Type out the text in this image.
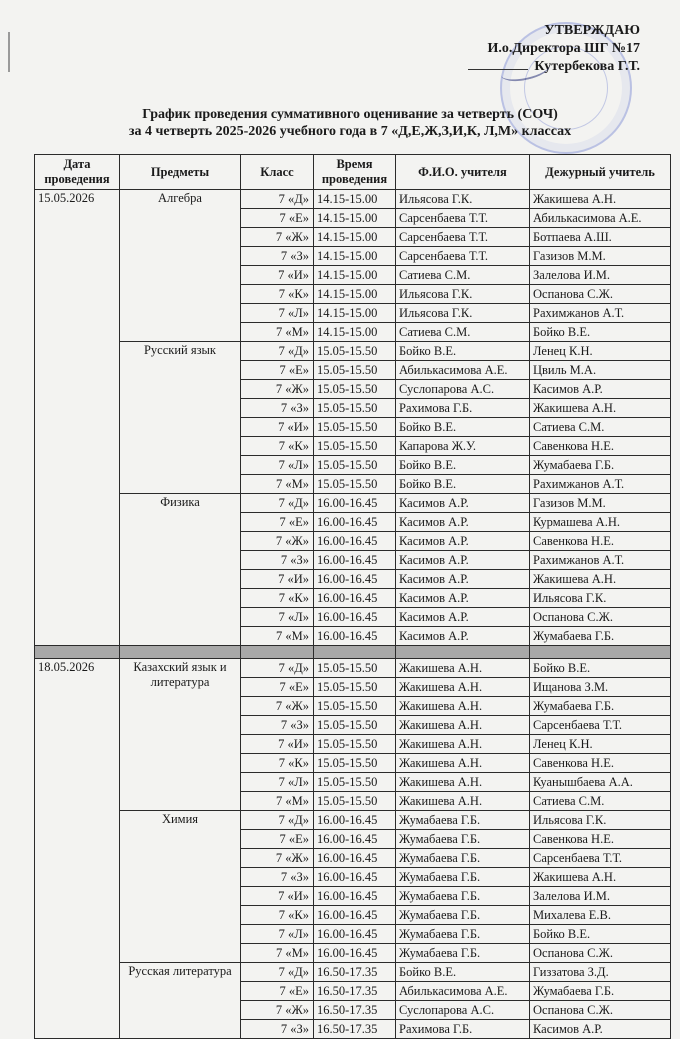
УТВЕРЖДАЮ
И.о.Директора ШГ №17
Кутербекова Г.Т.
График проведения суммативного оценивание за четверть (СОЧ)
за 4 четверть 2025-2026 учебного года в 7 «Д,Е,Ж,З,И,К, Л,М» классах
Дата проведения	Предметы	Класс	Время проведения	Ф.И.О. учителя	Дежурный учитель
15.05.2026	Алгебра	7 «Д»	14.15-15.00	Ильясова Г.К.	Жакишева А.Н.
		7 «Е»	14.15-15.00	Сарсенбаева Т.Т.	Абилькасимова А.Е.
		7 «Ж»	14.15-15.00	Сарсенбаева Т.Т.	Ботпаева А.Ш.
		7 «З»	14.15-15.00	Сарсенбаева Т.Т.	Газизов М.М.
		7 «И»	14.15-15.00	Сатиева С.М.	Залелова И.М.
		7 «К»	14.15-15.00	Ильясова Г.К.	Оспанова С.Ж.
		7 «Л»	14.15-15.00	Ильясова Г.К.	Рахимжанов А.Т.
		7 «М»	14.15-15.00	Сатиева С.М.	Бойко В.Е.
	Русский язык	7 «Д»	15.05-15.50	Бойко В.Е.	Ленец К.Н.
		7 «Е»	15.05-15.50	Абилькасимова А.Е.	Цвиль М.А.
		7 «Ж»	15.05-15.50	Суслопарова А.С.	Касимов А.Р.
		7 «З»	15.05-15.50	Рахимова Г.Б.	Жакишева А.Н.
		7 «И»	15.05-15.50	Бойко В.Е.	Сатиева С.М.
		7 «К»	15.05-15.50	Капарова Ж.У.	Савенкова Н.Е.
		7 «Л»	15.05-15.50	Бойко В.Е.	Жумабаева Г.Б.
		7 «М»	15.05-15.50	Бойко В.Е.	Рахимжанов А.Т.
	Физика	7 «Д»	16.00-16.45	Касимов А.Р.	Газизов М.М.
		7 «Е»	16.00-16.45	Касимов А.Р.	Курмашева А.Н.
		7 «Ж»	16.00-16.45	Касимов А.Р.	Савенкова Н.Е.
		7 «З»	16.00-16.45	Касимов А.Р.	Рахимжанов А.Т.
		7 «И»	16.00-16.45	Касимов А.Р.	Жакишева А.Н.
		7 «К»	16.00-16.45	Касимов А.Р.	Ильясова Г.К.
		7 «Л»	16.00-16.45	Касимов А.Р.	Оспанова С.Ж.
		7 «М»	16.00-16.45	Касимов А.Р.	Жумабаева Г.Б.

18.05.2026	Казахский язык и литература	7 «Д»	15.05-15.50	Жакишева А.Н.	Бойко В.Е.
		7 «Е»	15.05-15.50	Жакишева А.Н.	Ищанова З.М.
		7 «Ж»	15.05-15.50	Жакишева А.Н.	Жумабаева Г.Б.
		7 «З»	15.05-15.50	Жакишева А.Н.	Сарсенбаева Т.Т.
		7 «И»	15.05-15.50	Жакишева А.Н.	Ленец К.Н.
		7 «К»	15.05-15.50	Жакишева А.Н.	Савенкова Н.Е.
		7 «Л»	15.05-15.50	Жакишева А.Н.	Куанышбаева А.А.
		7 «М»	15.05-15.50	Жакишева А.Н.	Сатиева С.М.
	Химия	7 «Д»	16.00-16.45	Жумабаева Г.Б.	Ильясова Г.К.
		7 «Е»	16.00-16.45	Жумабаева Г.Б.	Савенкова Н.Е.
		7 «Ж»	16.00-16.45	Жумабаева Г.Б.	Сарсенбаева Т.Т.
		7 «З»	16.00-16.45	Жумабаева Г.Б.	Жакишева А.Н.
		7 «И»	16.00-16.45	Жумабаева Г.Б.	Залелова И.М.
		7 «К»	16.00-16.45	Жумабаева Г.Б.	Михалева Е.В.
		7 «Л»	16.00-16.45	Жумабаева Г.Б.	Бойко В.Е.
		7 «М»	16.00-16.45	Жумабаева Г.Б.	Оспанова С.Ж.
	Русская литература	7 «Д»	16.50-17.35	Бойко В.Е.	Гиззатова З.Д.
		7 «Е»	16.50-17.35	Абилькасимова А.Е.	Жумабаева Г.Б.
		7 «Ж»	16.50-17.35	Суслопарова А.С.	Оспанова С.Ж.
		7 «З»	16.50-17.35	Рахимова Г.Б.	Касимов А.Р.
